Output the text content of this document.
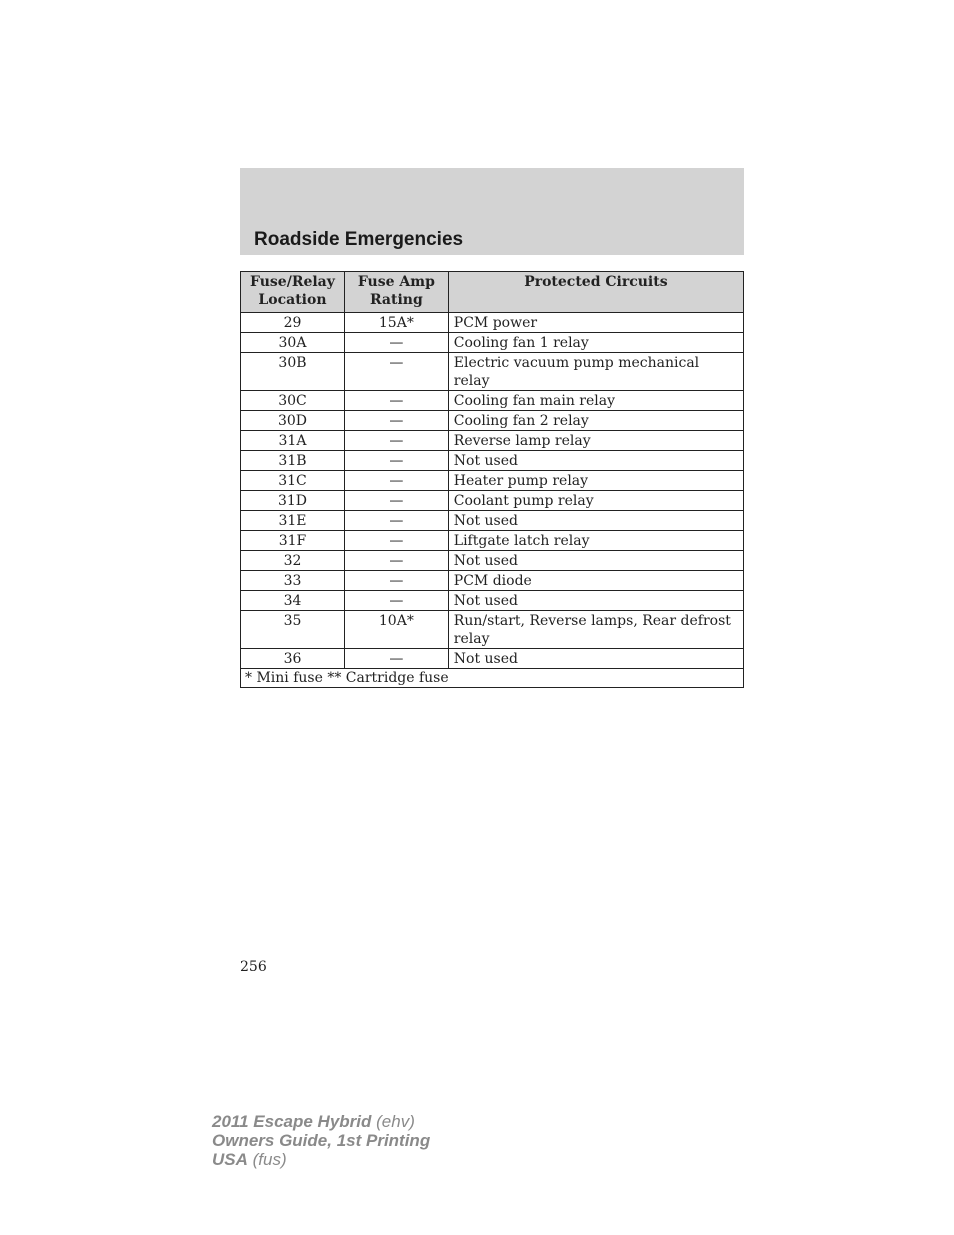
Roadside Emergencies
Fuse/Relay Location	Fuse Amp Rating	Protected Circuits
29	15A*	PCM power
30A	—	Cooling fan 1 relay
30B	—	Electric vacuum pump mechanical relay
30C	—	Cooling fan main relay
30D	—	Cooling fan 2 relay
31A	—	Reverse lamp relay
31B	—	Not used
31C	—	Heater pump relay
31D	—	Coolant pump relay
31E	—	Not used
31F	—	Liftgate latch relay
32	—	Not used
33	—	PCM diode
34	—	Not used
35	10A*	Run/start, Reverse lamps, Rear defrost relay
36	—	Not used
* Mini fuse ** Cartridge fuse		
256
2011 Escape Hybrid (ehv)
Owners Guide, 1st Printing
USA (fus)
